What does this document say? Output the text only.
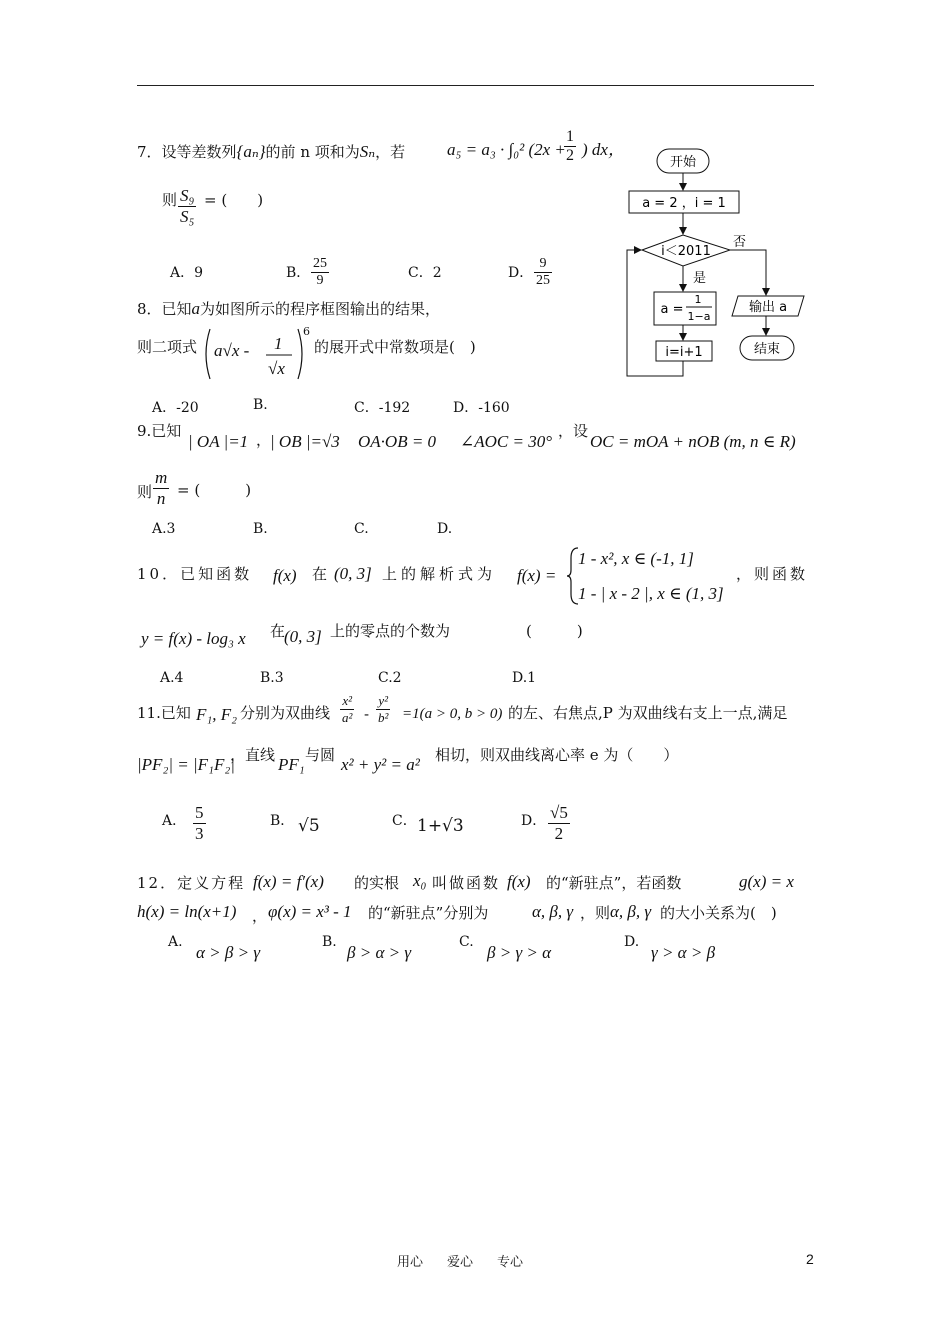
7．设等差数列{aₙ}的前 n 项和为Sₙ，若 a₅ = a₃ · ∫₀² (2x +
$\frac{1}{2}$ ) dx，
则 $\frac{\text{S₉}}{\text{S₅}}$ = (　　)
A．9	B． $\frac{25}{9}$	C．2	D． $\frac{9}{25}$
8．已知a为如图所示的程序框图输出的结果，
则二项式 a√x - 1
√x
6
的展开式中常数项是(　)
A．-20	B.	C．-192	D．-160
开始
a = 2 ，i = 1
i＜2011
否
是
a =
1
1−a
i=i+1
输出 a
结束
9.已知
| OA |=1 ，
| OB |=√3 OA·OB = 0 ∠AOC = 30°
，设
OC = mOA + nOB (m, n ∈ R)
则 $\frac{m}{n}$ = (　　　)
A.3	B.	C.	D.
10．已知函数 f(x) 在 (0, 3] 上的解析式为 f(x) =
1 - x², x ∈ (-1, 1]
1 - | x - 2 |, x ∈ (1, 3]
，则函数
y = f(x) - log₃ x 在
(0, 3] 上的零点的个数为	(　　　)
A.4	B.3	C.2	D.1
11.已知 F₁, F₂ 分别为双曲线 $\frac{\text{x²}}{\text{a²}} - \frac{\text{y²}}{\text{b²}} =1(a > 0$, b > 0) 的左、右焦点,P 为双曲线右支上一点,满足
|PF₂| = |F₁F₂|
，直线 PF₁ 与圆 x² + y² = a² 相切，则双曲线离心率 e 为（　　）
A． $\frac{5}{3}$	B． √5	C． 1+√3	D． $\frac{√5}{2}$
12．定义方程 f(x) = f′(x) 的实根 x₀ 叫做函数 f(x) 的“新驻点”，若函数	g(x) = x
h(x) = ln(x+1) ， φ(x) = x³ - 1 的“新驻点”分别为	α, β, γ ，则 α, β, γ 的大小关系为(　)
A.
α > β > γ
B.
β > α > γ
C.
β > γ > α
D.
γ > α > β
用心 爱心 专心	2
